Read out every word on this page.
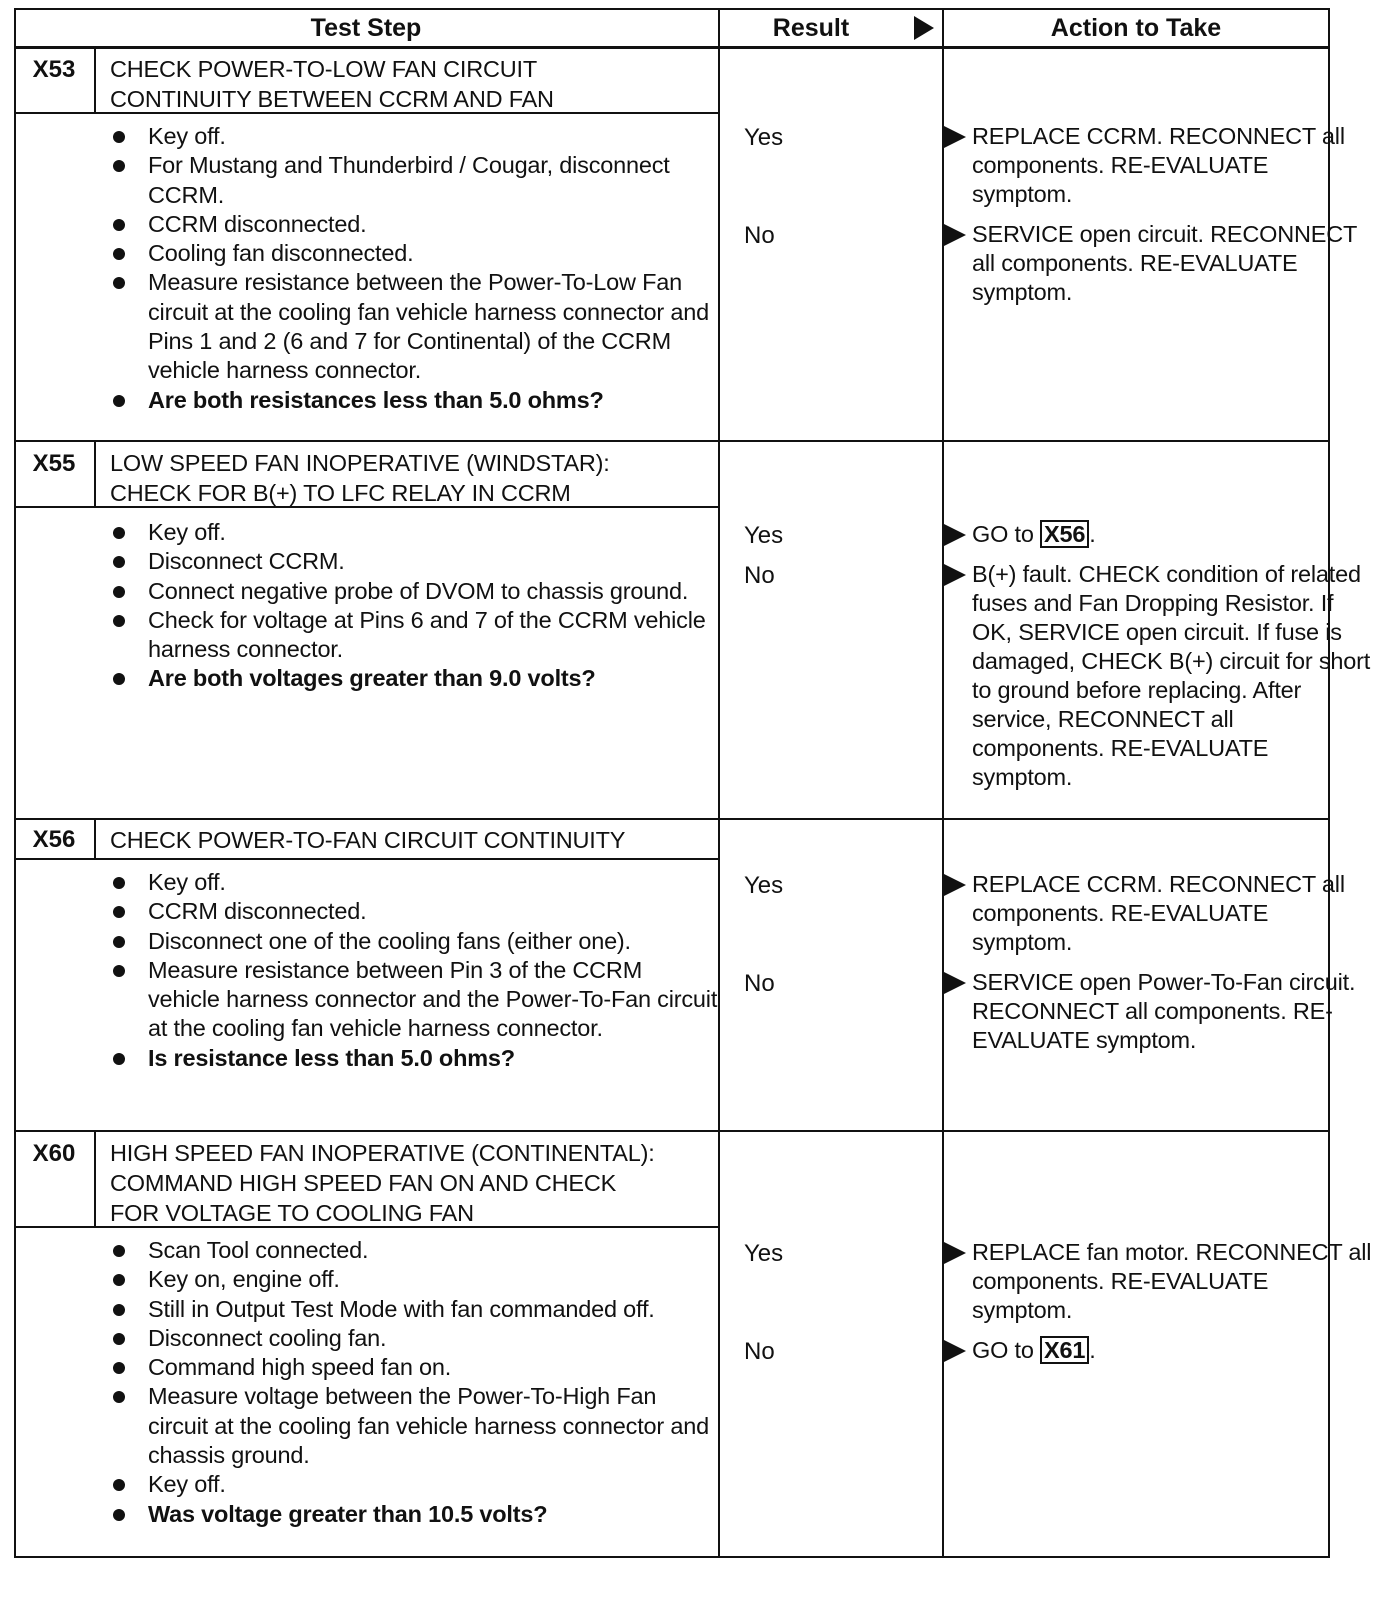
Test Step	Result	Action to Take
X53	CHECK POWER-TO-LOW FAN CIRCUIT
CONTINUITY BETWEEN CCRM AND FAN
Key off.
For Mustang and Thunderbird / Cougar, disconnect CCRM.
CCRM disconnected.
Cooling fan disconnected.
Measure resistance between the Power-To-Low Fan circuit at the cooling fan vehicle harness connector and Pins 1 and 2 (6 and 7 for Continental) of the CCRM vehicle harness connector.
Are both resistances less than 5.0 ohms?
Yes	REPLACE CCRM. RECONNECT all components. RE-EVALUATE symptom.
No	SERVICE open circuit. RECONNECT all components. RE-EVALUATE symptom.
X55	LOW SPEED FAN INOPERATIVE (WINDSTAR):
CHECK FOR B(+) TO LFC RELAY IN CCRM
Key off.
Disconnect CCRM.
Connect negative probe of DVOM to chassis ground.
Check for voltage at Pins 6 and 7 of the CCRM vehicle harness connector.
Are both voltages greater than 9.0 volts?
Yes	GO to X56 .
No	B(+) fault. CHECK condition of related fuses and Fan Dropping Resistor. If OK, SERVICE open circuit. If fuse is damaged, CHECK B(+) circuit for short to ground before replacing. After service, RECONNECT all components. RE-EVALUATE symptom.
X56	CHECK POWER-TO-FAN CIRCUIT CONTINUITY
Key off.
CCRM disconnected.
Disconnect one of the cooling fans (either one).
Measure resistance between Pin 3 of the CCRM vehicle harness connector and the Power-To-Fan circuit at the cooling fan vehicle harness connector.
Is resistance less than 5.0 ohms?
Yes	REPLACE CCRM. RECONNECT all components. RE-EVALUATE symptom.
No	SERVICE open Power-To-Fan circuit. RECONNECT all components. RE-EVALUATE symptom.
X60	HIGH SPEED FAN INOPERATIVE (CONTINENTAL):
COMMAND HIGH SPEED FAN ON AND CHECK
FOR VOLTAGE TO COOLING FAN
Scan Tool connected.
Key on, engine off.
Still in Output Test Mode with fan commanded off.
Disconnect cooling fan.
Command high speed fan on.
Measure voltage between the Power-To-High Fan circuit at the cooling fan vehicle harness connector and chassis ground.
Key off.
Was voltage greater than 10.5 volts?
Yes	REPLACE fan motor. RECONNECT all components. RE-EVALUATE symptom.
No	GO to X61 .
